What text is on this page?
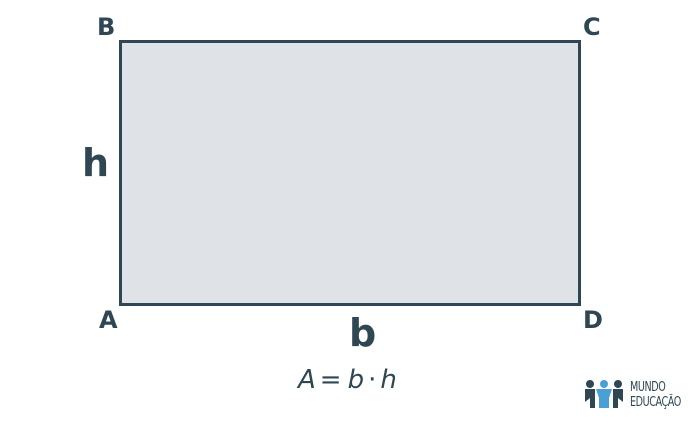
B	C
A	D
h
b
A = b · h	MUNDO
EDUCAÇÃO
